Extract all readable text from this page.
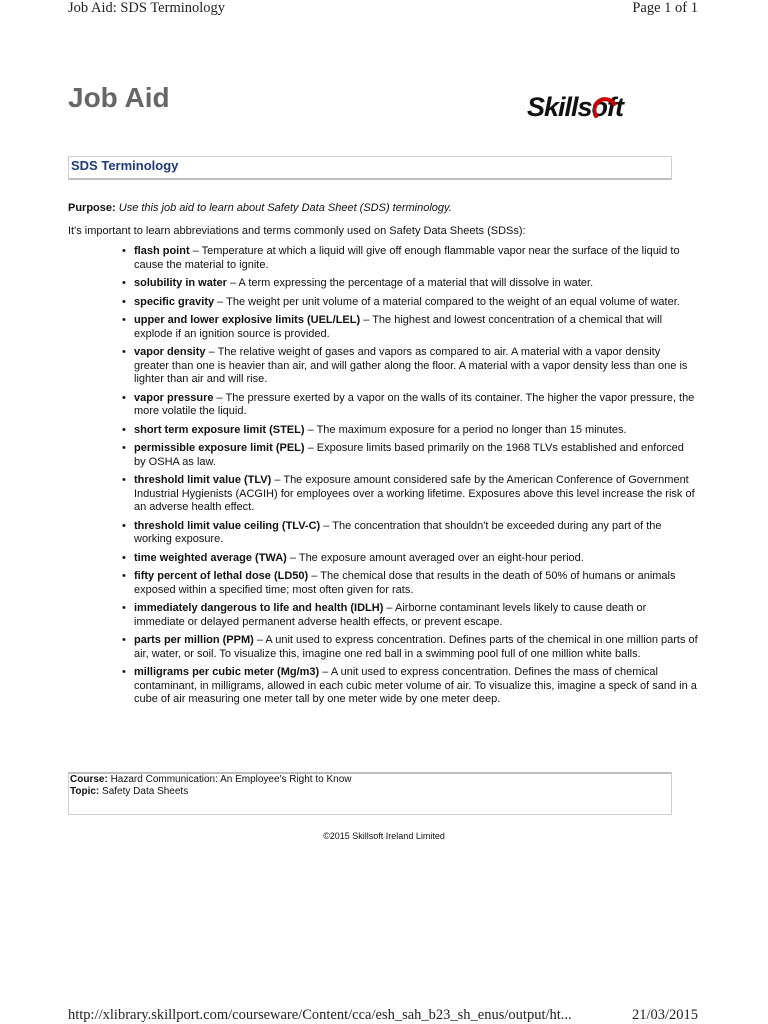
Job Aid: SDS Terminology	Page 1 of 1
Job Aid	Skillsoft
SDS Terminology

Purpose: Use this job aid to learn about Safety Data Sheet (SDS) terminology.

It's important to learn abbreviations and terms commonly used on Safety Data Sheets (SDSs):

• flash point – Temperature at which a liquid will give off enough flammable vapor near the surface of the liquid to cause the material to ignite.
• solubility in water – A term expressing the percentage of a material that will dissolve in water.
• specific gravity – The weight per unit volume of a material compared to the weight of an equal volume of water.
• upper and lower explosive limits (UEL/LEL) – The highest and lowest concentration of a chemical that will explode if an ignition source is provided.
• vapor density – The relative weight of gases and vapors as compared to air. A material with a vapor density greater than one is heavier than air, and will gather along the floor. A material with a vapor density less than one is lighter than air and will rise.
• vapor pressure – The pressure exerted by a vapor on the walls of its container. The higher the vapor pressure, the more volatile the liquid.
• short term exposure limit (STEL) – The maximum exposure for a period no longer than 15 minutes.
• permissible exposure limit (PEL) – Exposure limits based primarily on the 1968 TLVs established and enforced by OSHA as law.
• threshold limit value (TLV) – The exposure amount considered safe by the American Conference of Government Industrial Hygienists (ACGIH) for employees over a working lifetime. Exposures above this level increase the risk of an adverse health effect.
• threshold limit value ceiling (TLV-C) – The concentration that shouldn't be exceeded during any part of the working exposure.
• time weighted average (TWA) – The exposure amount averaged over an eight-hour period.
• fifty percent of lethal dose (LD50) – The chemical dose that results in the death of 50% of humans or animals exposed within a specified time; most often given for rats.
• immediately dangerous to life and health (IDLH) – Airborne contaminant levels likely to cause death or immediate or delayed permanent adverse health effects, or prevent escape.
• parts per million (PPM) – A unit used to express concentration. Defines parts of the chemical in one million parts of air, water, or soil. To visualize this, imagine one red ball in a swimming pool full of one million white balls.
• milligrams per cubic meter (Mg/m3) – A unit used to express concentration. Defines the mass of chemical contaminant, in milligrams, allowed in each cubic meter volume of air. To visualize this, imagine a speck of sand in a cube of air measuring one meter tall by one meter wide by one meter deep.
Course: Hazard Communication: An Employee's Right to Know
Topic: Safety Data Sheets
©2015 Skillsoft Ireland Limited
http://xlibrary.skillport.com/courseware/Content/cca/esh_sah_b23_sh_enus/output/ht...	21/03/2015
